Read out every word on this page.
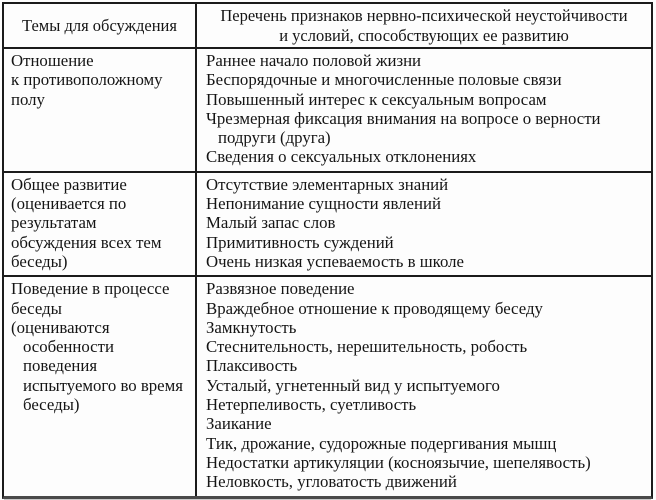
Темы для обсуждения
Перечень признаков нервно-психической неустойчивости
и условий, способствующих ее развитию
Отношение
к противоположному
полу
Раннее начало половой жизни
Беспорядочные и многочисленные половые связи
Повышенный интерес к сексуальным вопросам
Чрезмерная фиксация внимания на вопросе о верности
подруги (друга)
Сведения о сексуальных отклонениях
Общее развитие
(оценивается по
результатам
обсуждения всех тем
беседы)
Отсутствие элементарных знаний
Непонимание сущности явлений
Малый запас слов
Примитивность суждений
Очень низкая успеваемость в школе
Поведение в процессе
беседы
(оцениваются
особенности
поведения
испытуемого во время
беседы)
Развязное поведение
Враждебное отношение к проводящему беседу
Замкнутость
Стеснительность, нерешительность, робость
Плаксивость
Усталый, угнетенный вид у испытуемого
Нетерпеливость, суетливость
Заикание
Тик, дрожание, судорожные подергивания мышц
Недостатки артикуляции (косноязычие, шепелявость)
Неловкость, угловатость движений
